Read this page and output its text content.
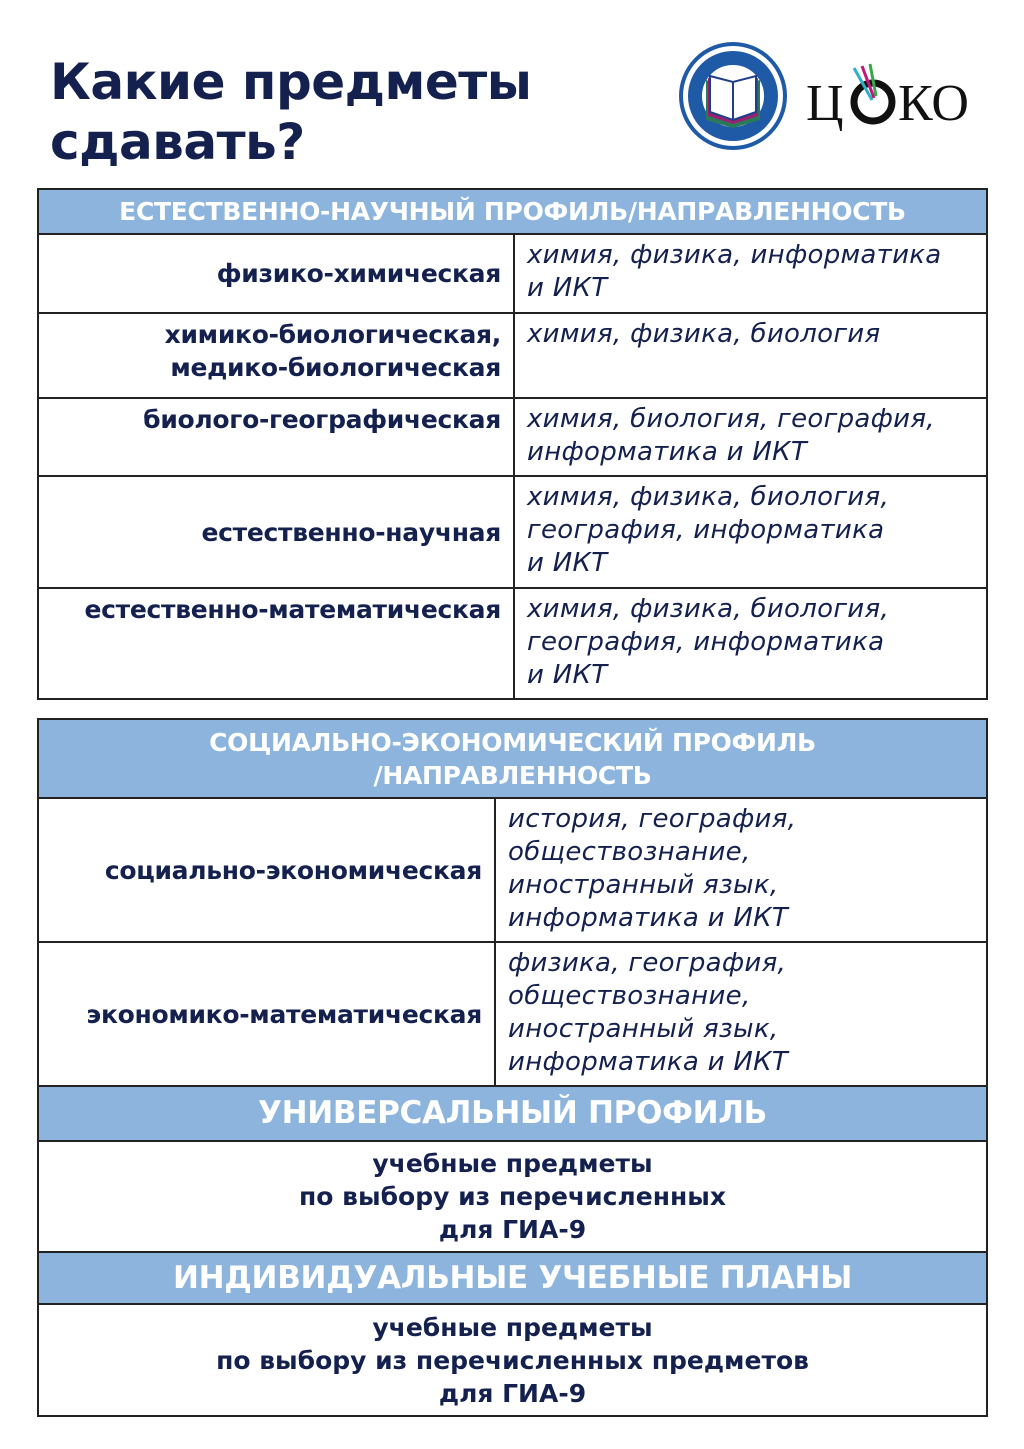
Какие предметы
сдавать?
Ц КО
ЕСТЕСТВЕННО-НАУЧНЫЙ ПРОФИЛЬ/НАПРАВЛЕННОСТЬ	
физико-химическая	химия, физика, информатика
и ИКТ
химико-биологическая,
медико-биологическая	химия, физика, биология
биолого-географическая	химия, биология, география,
информатика и ИКТ
естественно-научная	химия, физика, биология,
география, информатика
и ИКТ
естественно-математическая	химия, физика, биология,
география, информатика
и ИКТ
СОЦИАЛЬНО-ЭКОНОМИЧЕСКИЙ ПРОФИЛЬ
/НАПРАВЛЕННОСТЬ	
социально-экономическая	история, география,
обществознание,
иностранный язык,
информатика и ИКТ
экономико-математическая	физика, география,
обществознание,
иностранный язык,
информатика и ИКТ
УНИВЕРСАЛЬНЫЙ ПРОФИЛЬ	
учебные предметы
по выбору из перечисленных
для ГИА-9	
ИНДИВИДУАЛЬНЫЕ УЧЕБНЫЕ ПЛАНЫ	
учебные предметы
по выбору из перечисленных предметов
для ГИА-9	
